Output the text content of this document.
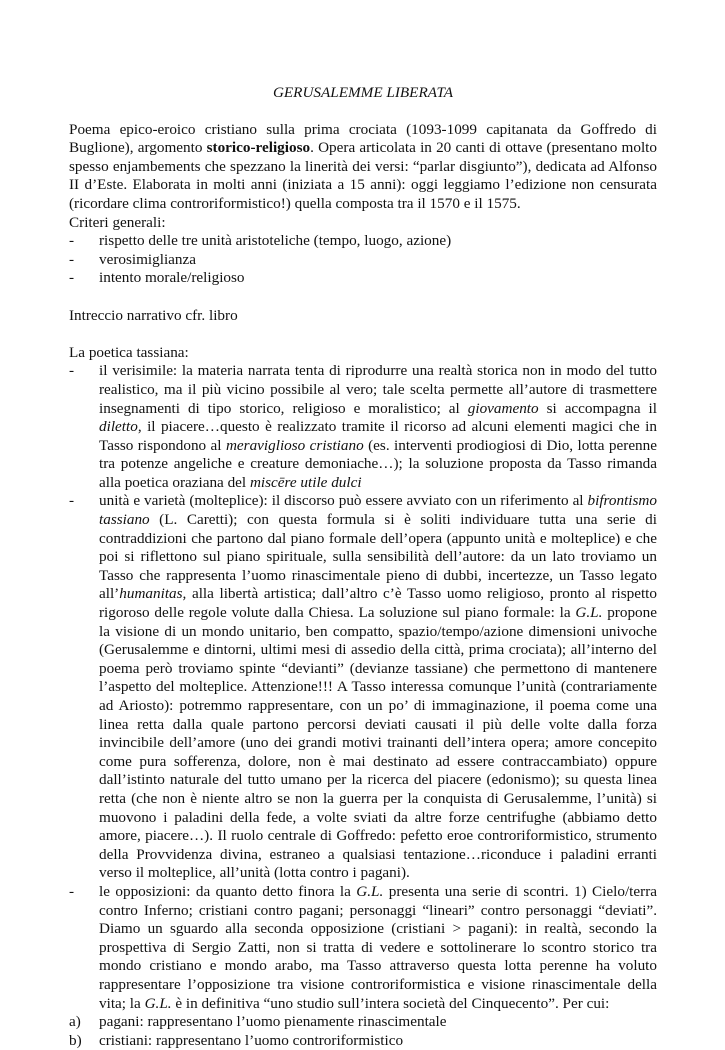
GERUSALEMME LIBERATA

Poema epico-eroico cristiano sulla prima crociata (1093-1099 capitanata da Goffredo di Buglione), argomento storico-religioso. Opera articolata in 20 canti di ottave (presentano molto spesso enjambements che spezzano la linerità dei versi: “parlar disgiunto”), dedicata ad Alfonso II d’Este. Elaborata in molti anni (iniziata a 15 anni): oggi leggiamo l’edizione non censurata (ricordare clima controriformistico!) quella composta tra il 1570 e il 1575.

Criteri generali:

-	rispetto delle tre unità aristoteliche (tempo, luogo, azione)
-	verosimiglianza
-	intento morale/religioso

Intreccio narrativo cfr. libro

La poetica tassiana:

-	il verisimile: la materia narrata tenta di riprodurre una realtà storica non in modo del tutto realistico, ma il più vicino possibile al vero; tale scelta permette all’autore di trasmettere insegnamenti di tipo storico, religioso e moralistico; al giovamento si accompagna il diletto, il piacere…questo è realizzato tramite il ricorso ad alcuni elementi magici che in Tasso rispondono al meraviglioso cristiano (es. interventi prodiogiosi di Dio, lotta perenne tra potenze angeliche e creature demoniache…); la soluzione proposta da Tasso rimanda alla poetica oraziana del miscēre utile dulci
-	unità e varietà (molteplice): il discorso può essere avviato con un riferimento al bifrontismo tassiano (L. Caretti); con questa formula si è soliti individuare tutta una serie di contraddizioni che partono dal piano formale dell’opera (appunto unità e molteplice) e che poi si riflettono sul piano spirituale, sulla sensibilità dell’autore: da un lato troviamo un Tasso che rappresenta l’uomo rinascimentale pieno di dubbi, incertezze, un Tasso legato all’humanitas, alla libertà artistica; dall’altro c’è Tasso uomo religioso, pronto al rispetto rigoroso delle regole volute dalla Chiesa. La soluzione sul piano formale: la G.L. propone la visione di un mondo unitario, ben compatto, spazio/tempo/azione dimensioni univoche (Gerusalemme e dintorni, ultimi mesi di assedio della città, prima crociata); all’interno del poema però troviamo spinte “devianti” (devianze tassiane) che permettono di mantenere l’aspetto del molteplice. Attenzione!!! A Tasso interessa comunque l’unità (contrariamente ad Ariosto): potremmo rappresentare, con un po’ di immaginazione, il poema come una linea retta dalla quale partono percorsi deviati causati il più delle volte dalla forza invincibile dell’amore (uno dei grandi motivi trainanti dell’intera opera; amore concepito come pura sofferenza, dolore, non è mai destinato ad essere contraccambiato) oppure dall’istinto naturale del tutto umano per la ricerca del piacere (edonismo); su questa linea retta (che non è niente altro se non la guerra per la conquista di Gerusalemme, l’unità) si muovono i paladini della fede, a volte sviati da altre forze centrifughe (abbiamo detto amore, piacere…). Il ruolo centrale di Goffredo: pefetto eroe controriformistico, strumento della Provvidenza divina, estraneo a qualsiasi tentazione…riconduce i paladini erranti verso il molteplice, all’unità (lotta contro i pagani).
-	le opposizioni: da quanto detto finora la G.L. presenta una serie di scontri. 1) Cielo/terra contro Inferno; cristiani contro pagani; personaggi “lineari” contro personaggi “deviati”. Diamo un sguardo alla seconda opposizione (cristiani > pagani): in realtà, secondo la prospettiva di Sergio Zatti, non si tratta di vedere e sottolinerare lo scontro storico tra mondo cristiano e mondo arabo, ma Tasso attraverso questa lotta perenne ha voluto rappresentare l’opposizione tra visione controriformistica e visione rinascimentale della vita; la G.L. è in definitiva “uno studio sull’intera società del Cinquecento”. Per cui:
a)	pagani: rappresentano l’uomo pienamente rinascimentale
b)	cristiani: rappresentano l’uomo controriformistico
